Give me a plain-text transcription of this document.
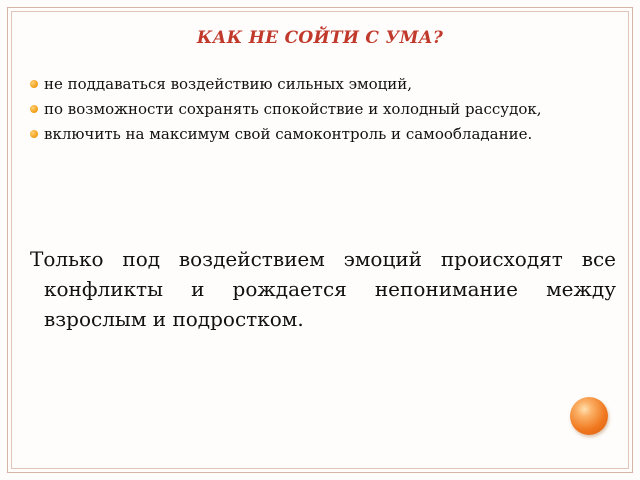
КАК НЕ СОЙТИ С УМА?
не поддаваться воздействию сильных эмоций,
по возможности сохранять спокойствие и холодный рассудок,
включить на максимум свой самоконтроль и самообладание.

Только под воздействием эмоций происходят все конфликты и рождается непонимание между взрослым и подростком.
